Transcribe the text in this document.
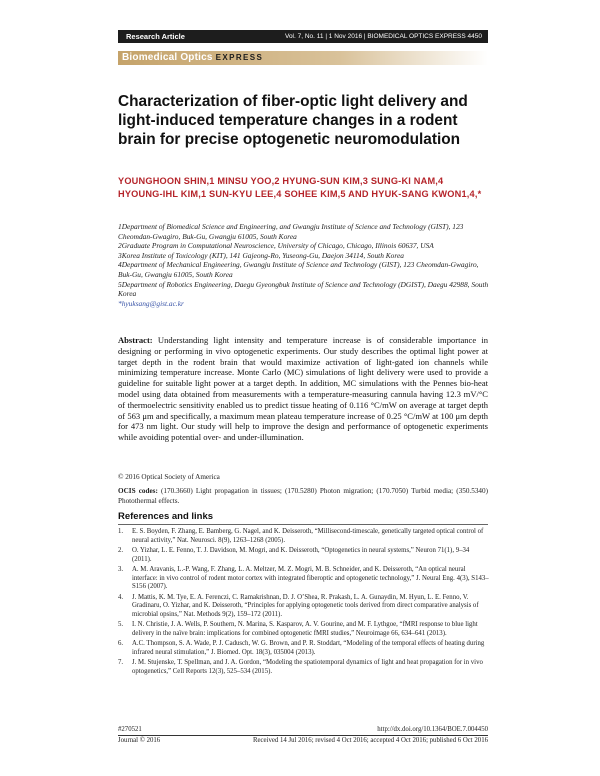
Research Article	Vol. 7, No. 11 | 1 Nov 2016 | BIOMEDICAL OPTICS EXPRESS 4450
Biomedical Optics EXPRESS
Characterization of fiber-optic light delivery and light-induced temperature changes in a rodent brain for precise optogenetic neuromodulation
YOUNGHOON SHIN,1 MINSU YOO,2 HYUNG-SUN KIM,3 SUNG-KI NAM,4 HYOUNG-IHL KIM,1 SUN-KYU LEE,4 SOHEE KIM,5 AND HYUK-SANG KWON1,4,*

1Department of Biomedical Science and Engineering, and Gwangju Institute of Science and Technology (GIST), 123 Cheomdan-Gwagiro, Buk-Gu, Gwangju 61005, South Korea

2Graduate Program in Computational Neuroscience, University of Chicago, Chicago, Illinois 60637, USA

3Korea Institute of Toxicology (KIT), 141 Gajeong-Ro, Yuseong-Gu, Daejon 34114, South Korea

4Department of Mechanical Engineering, Gwangju Institute of Science and Technology (GIST), 123 Cheomdan-Gwagiro, Buk-Gu, Gwangju 61005, South Korea

5Department of Robotics Engineering, Daegu Gyeongbuk Institute of Science and Technology (DGIST), Daegu 42988, South Korea

*hyuksang@gist.ac.kr

Abstract: Understanding light intensity and temperature increase is of considerable importance in designing or performing in vivo optogenetic experiments. Our study describes the optimal light power at target depth in the rodent brain that would maximize activation of light-gated ion channels while minimizing temperature increase. Monte Carlo (MC) simulations of light delivery were used to provide a guideline for suitable light power at a target depth. In addition, MC simulations with the Pennes bio-heat model using data obtained from measurements with a temperature-measuring cannula having 12.3 mV/°C of thermoelectric sensitivity enabled us to predict tissue heating of 0.116 °C/mW on average at target depth of 563 μm and specifically, a maximum mean plateau temperature increase of 0.25 °C/mW at 100 μm depth for 473 nm light. Our study will help to improve the design and performance of optogenetic experiments while avoiding potential over- and under-illumination.
© 2016 Optical Society of America
OCIS codes: (170.3660) Light propagation in tissues; (170.5280) Photon migration; (170.7050) Turbid media; (350.5340) Photothermal effects.
References and links
1. E. S. Boyden, F. Zhang, E. Bamberg, G. Nagel, and K. Deisseroth, “Millisecond-timescale, genetically targeted optical control of neural activity,” Nat. Neurosci. 8(9), 1263–1268 (2005).
2. O. Yizhar, L. E. Fenno, T. J. Davidson, M. Mogri, and K. Deisseroth, “Optogenetics in neural systems,” Neuron 71(1), 9–34 (2011).
3. A. M. Aravanis, L.-P. Wang, F. Zhang, L. A. Meltzer, M. Z. Mogri, M. B. Schneider, and K. Deisseroth, “An optical neural interface: in vivo control of rodent motor cortex with integrated fiberoptic and optogenetic technology,” J. Neural Eng. 4(3), S143–S156 (2007).
4. J. Mattis, K. M. Tye, E. A. Ferenczi, C. Ramakrishnan, D. J. O’Shea, R. Prakash, L. A. Gunaydin, M. Hyun, L. E. Fenno, V. Gradinaru, O. Yizhar, and K. Deisseroth, “Principles for applying optogenetic tools derived from direct comparative analysis of microbial opsins,” Nat. Methods 9(2), 159–172 (2011).
5. I. N. Christie, J. A. Wells, P. Southern, N. Marina, S. Kasparov, A. V. Gourine, and M. F. Lythgoe, “fMRI response to blue light delivery in the naïve brain: implications for combined optogenetic fMRI studies,” Neuroimage 66, 634–641 (2013).
6. A.C. Thompson, S. A. Wade, P. J. Cadusch, W. G. Brown, and P. R. Stoddart, “Modeling of the temporal effects of heating during infrared neural stimulation,” J. Biomed. Opt. 18(3), 035004 (2013).
7. J. M. Stujenske, T. Spellman, and J. A. Gordon, “Modeling the spatiotemporal dynamics of light and heat propagation for in vivo optogenetics,” Cell Reports 12(3), 525–534 (2015).
#270521	http://dx.doi.org/10.1364/BOE.7.004450
Journal © 2016	Received 14 Jul 2016; revised 4 Oct 2016; accepted 4 Oct 2016; published 6 Oct 2016
